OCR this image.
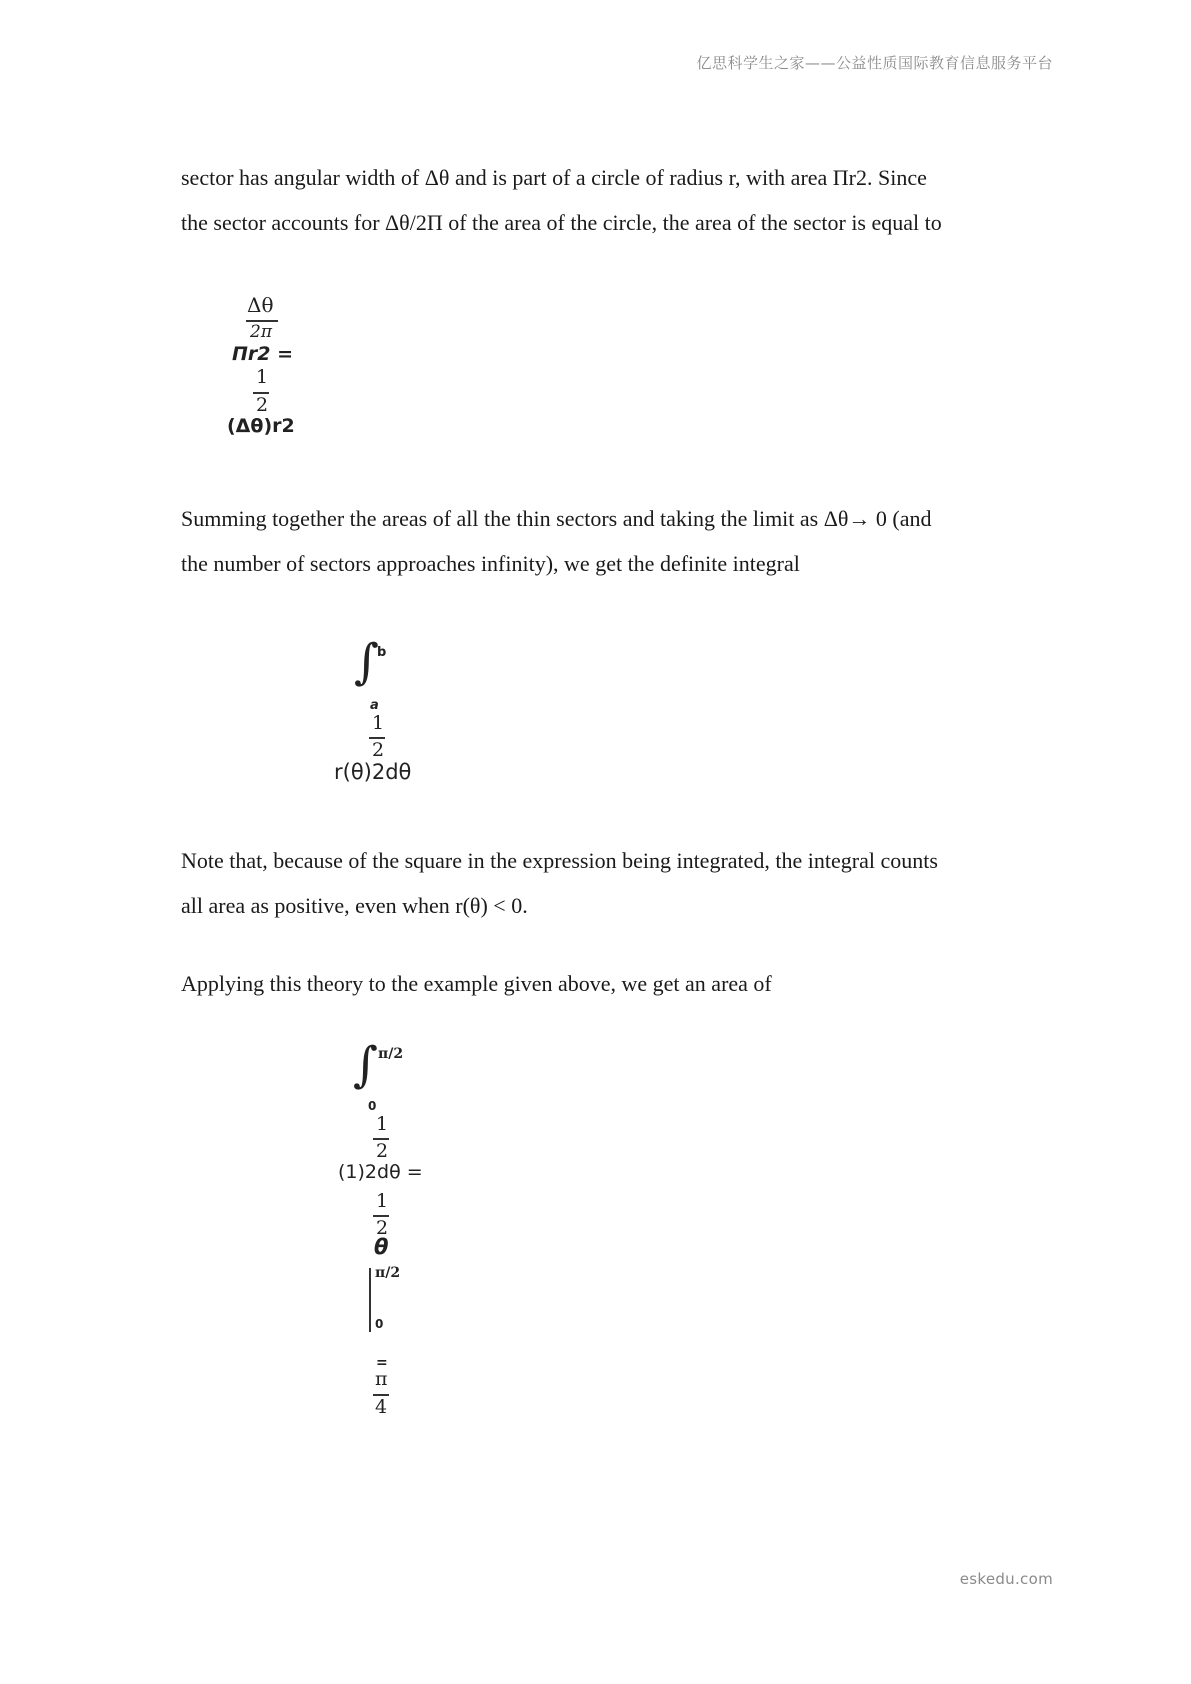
亿思科学生之家——公益性质国际教育信息服务平台

sector has angular width of Δθ and is part of a circle of radius r, with area Πr2. Since

the sector accounts for Δθ/2Π of the area of the circle, the area of the sector is equal to

Δθ
2π
Πr2 =
1
2
(Δθ)r2

Summing together the areas of all the thin sectors and taking the limit as Δθ→ 0 (and

the number of sectors approaches infinity), we get the definite integral

∫
b
a
1
2
r(θ)2dθ

Note that, because of the square in the expression being integrated, the integral counts

all area as positive, even when r(θ) < 0.

Applying this theory to the example given above, we get an area of

∫ π/2
0
1
2
(1)2dθ =
1
2
θ
π/2
0
=
π
4
eskedu.com
